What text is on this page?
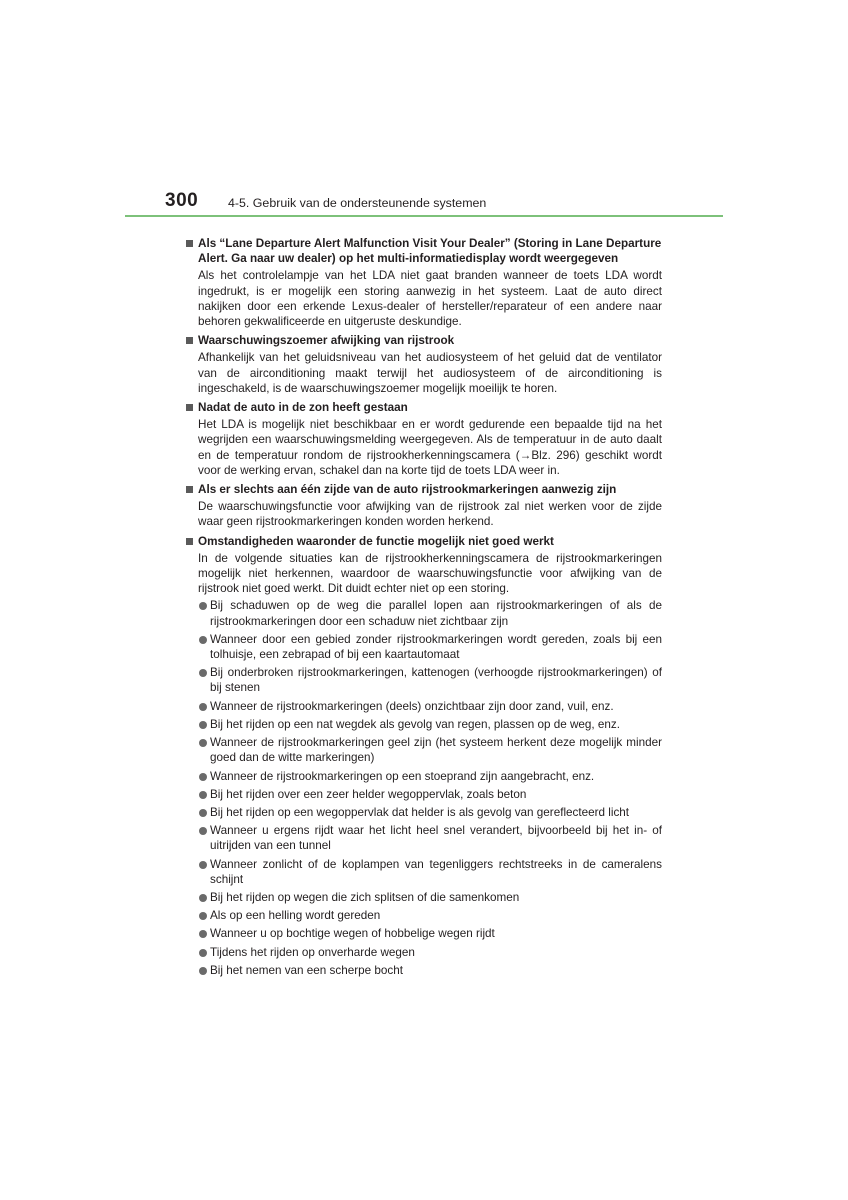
300 4-5. Gebruik van de ondersteunende systemen
Als “Lane Departure Alert Malfunction Visit Your Dealer” (Storing in Lane Departure Alert. Ga naar uw dealer) op het multi-informatiedisplay wordt weergegeven
Als het controlelampje van het LDA niet gaat branden wanneer de toets LDA wordt ingedrukt, is er mogelijk een storing aanwezig in het systeem. Laat de auto direct nakijken door een erkende Lexus-dealer of hersteller/reparateur of een andere naar behoren gekwalificeerde en uitgeruste deskundige.
Waarschuwingszoemer afwijking van rijstrook
Afhankelijk van het geluidsniveau van het audiosysteem of het geluid dat de ventilator van de airconditioning maakt terwijl het audiosysteem of de airconditioning is ingeschakeld, is de waarschuwingszoemer mogelijk moeilijk te horen.
Nadat de auto in de zon heeft gestaan
Het LDA is mogelijk niet beschikbaar en er wordt gedurende een bepaalde tijd na het wegrijden een waarschuwingsmelding weergegeven. Als de temperatuur in de auto daalt en de temperatuur rondom de rijstrookherkenningscamera (→Blz. 296) geschikt wordt voor de werking ervan, schakel dan na korte tijd de toets LDA weer in.
Als er slechts aan één zijde van de auto rijstrookmarkeringen aanwezig zijn
De waarschuwingsfunctie voor afwijking van de rijstrook zal niet werken voor de zijde waar geen rijstrookmarkeringen konden worden herkend.
Omstandigheden waaronder de functie mogelijk niet goed werkt
In de volgende situaties kan de rijstrookherkenningscamera de rijstrookmarkeringen mogelijk niet herkennen, waardoor de waarschuwingsfunctie voor afwijking van de rijstrook niet goed werkt. Dit duidt echter niet op een storing.
Bij schaduwen op de weg die parallel lopen aan rijstrookmarkeringen of als de rijstrookmarkeringen door een schaduw niet zichtbaar zijn
Wanneer door een gebied zonder rijstrookmarkeringen wordt gereden, zoals bij een tolhuisje, een zebrapad of bij een kaartautomaat
Bij onderbroken rijstrookmarkeringen, kattenogen (verhoogde rijstrookmarkeringen) of bij stenen
Wanneer de rijstrookmarkeringen (deels) onzichtbaar zijn door zand, vuil, enz.
Bij het rijden op een nat wegdek als gevolg van regen, plassen op de weg, enz.
Wanneer de rijstrookmarkeringen geel zijn (het systeem herkent deze mogelijk minder goed dan de witte markeringen)
Wanneer de rijstrookmarkeringen op een stoeprand zijn aangebracht, enz.
Bij het rijden over een zeer helder wegoppervlak, zoals beton
Bij het rijden op een wegoppervlak dat helder is als gevolg van gereflecteerd licht
Wanneer u ergens rijdt waar het licht heel snel verandert, bijvoorbeeld bij het in- of uitrijden van een tunnel
Wanneer zonlicht of de koplampen van tegenliggers rechtstreeks in de cameralens schijnt
Bij het rijden op wegen die zich splitsen of die samenkomen
Als op een helling wordt gereden
Wanneer u op bochtige wegen of hobbelige wegen rijdt
Tijdens het rijden op onverharde wegen
Bij het nemen van een scherpe bocht
